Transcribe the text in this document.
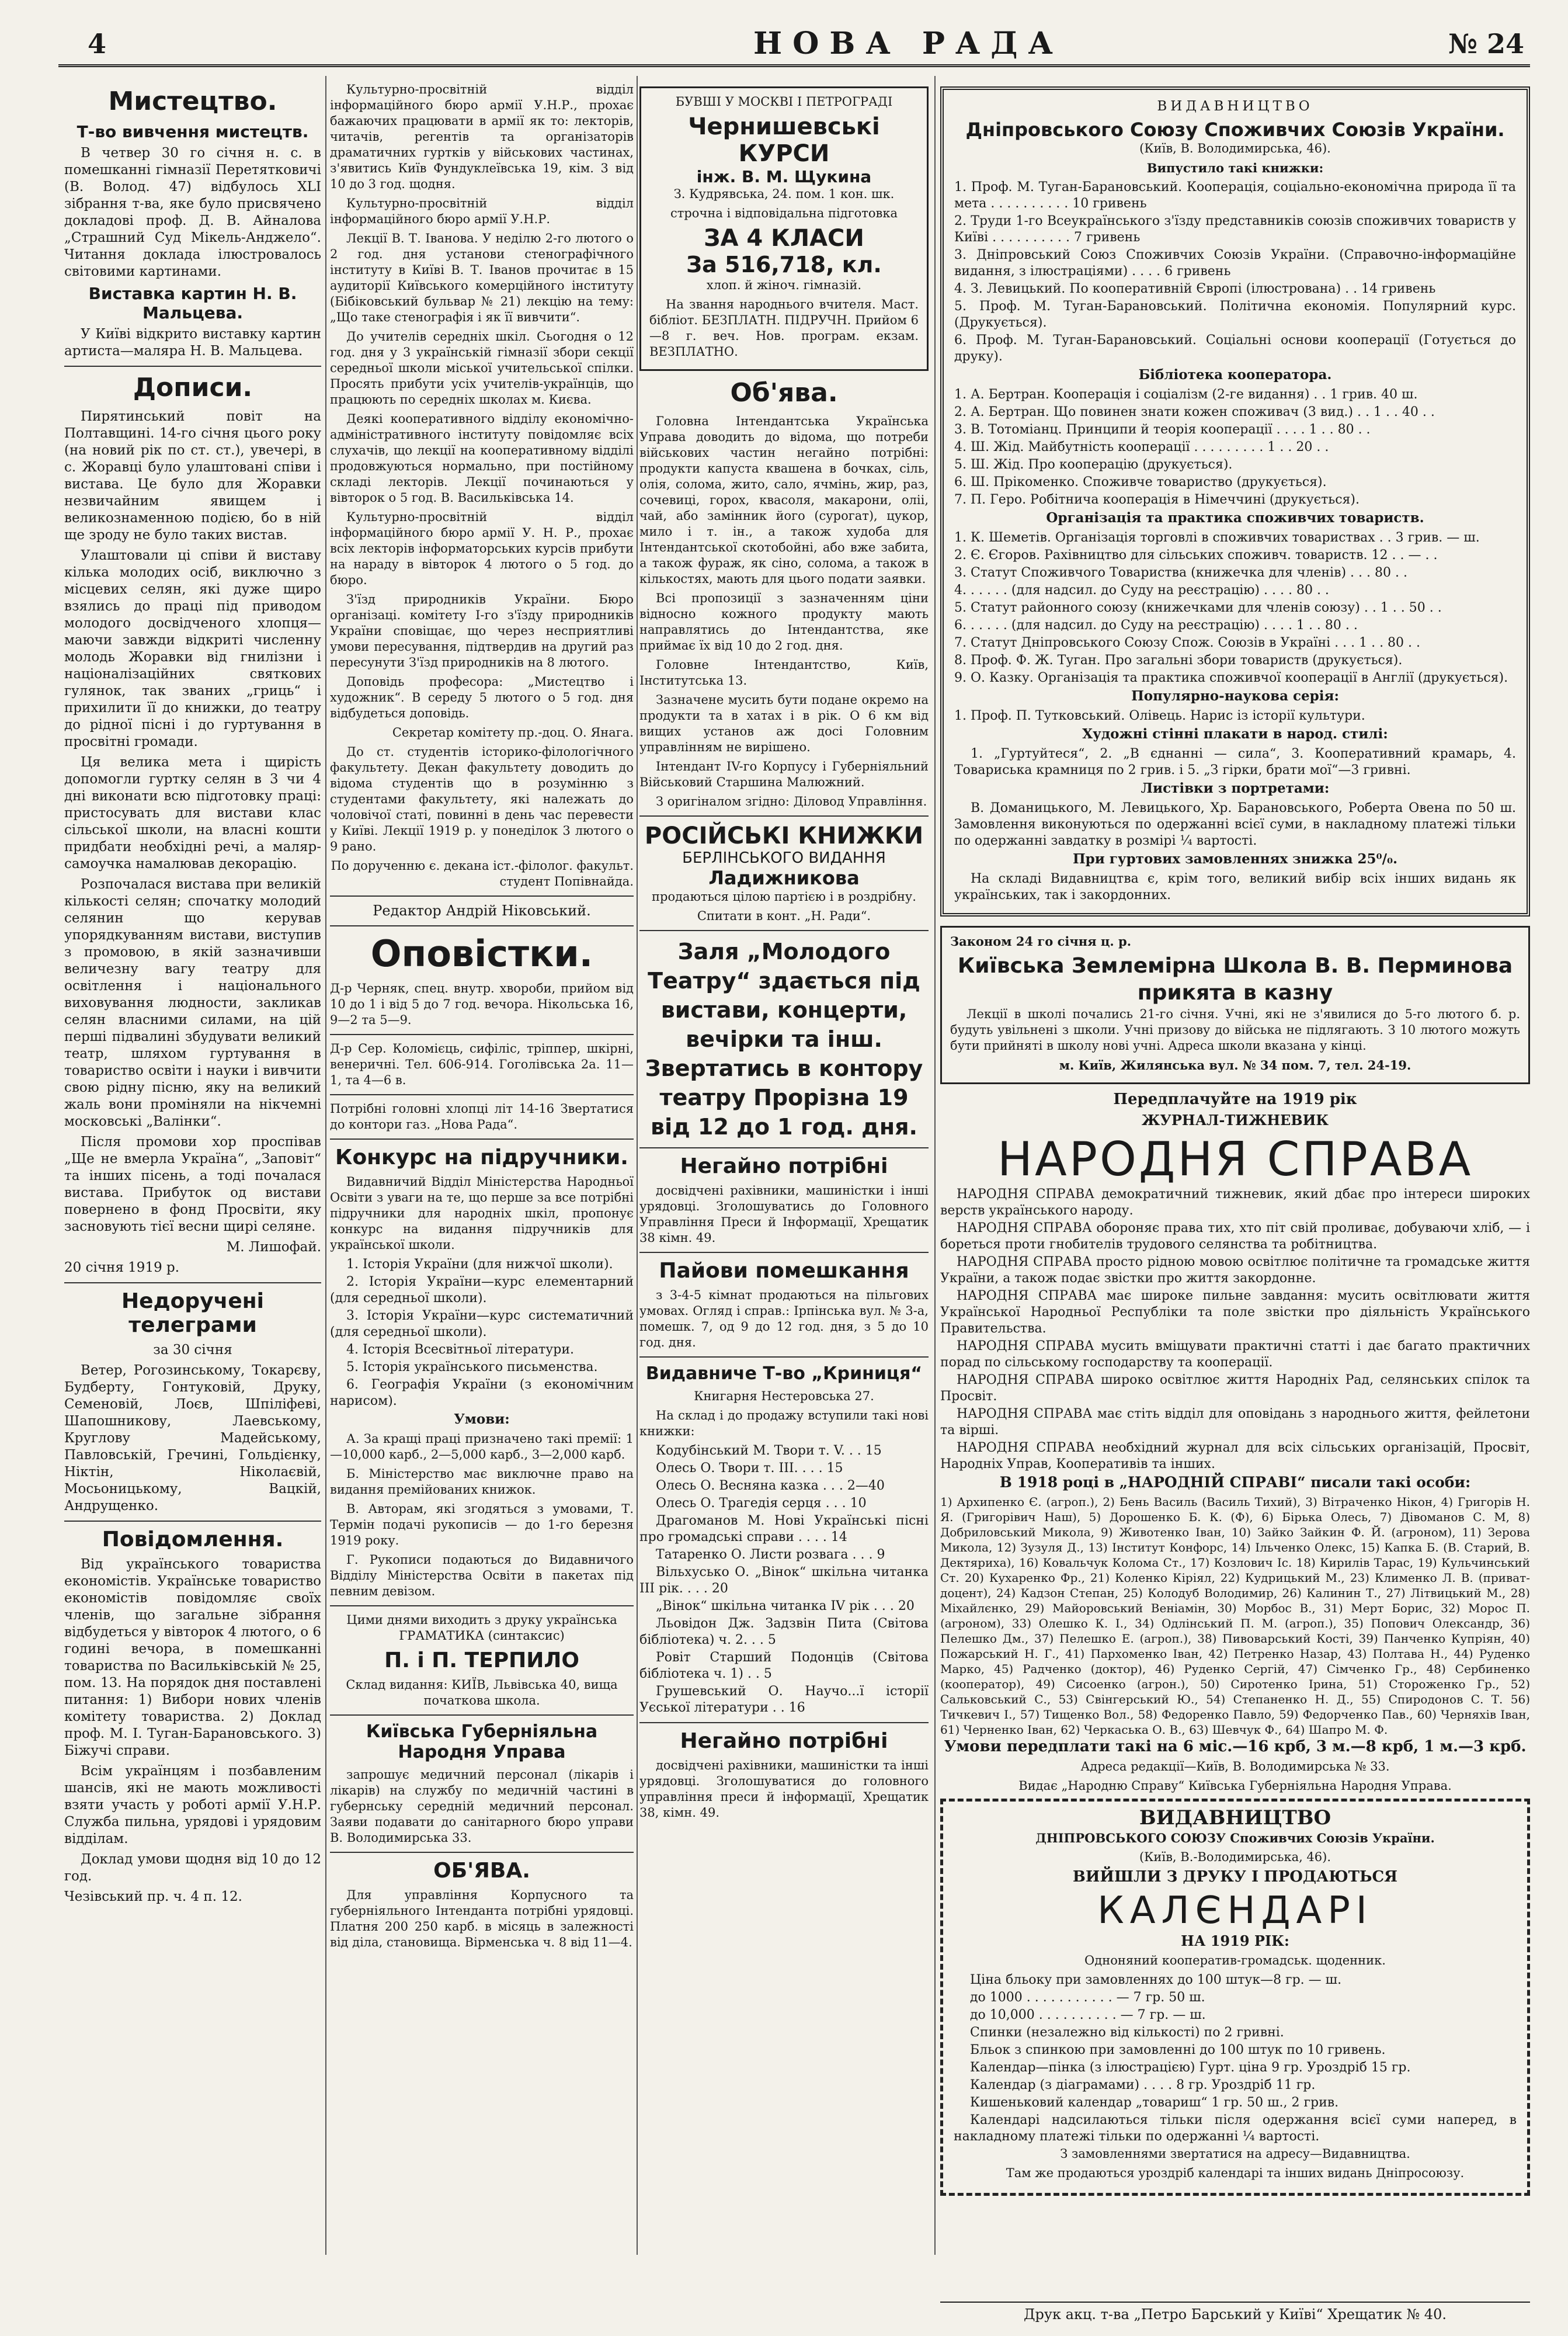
4	НОВА РАДА	№ 24
Мистецтво.
Т-во вивчення мистецтв.

В четвер 30 го січня н. с. в помешканні гімназії Перетятковичі (В. Волод. 47) відбулось ХLІ зібрання т-ва, яке було присвячено докладові проф. Д. В. Айналова „Страшний Суд Мікель-Анджело“. Читання доклада ілюстровалось світовими картинами.

Виставка картин Н. В. Мальцева.

У Київі відкрито виставку картин артиста—маляра Н. В. Мальцева.

Дописи.

Пирятинський повіт на Полтавщині. 14-го січня цього року (на новий рік по ст. ст.), увечері, в с. Жоравці було улаштовані співи і вистава. Це було для Жоравки незвичайним явищем і великознаменною подією, бо в ній ще зроду не було таких вистав.

Улаштовали ці співи й виставу кілька молодих осіб, виключно з місцевих селян, які дуже щиро взялись до праці під приводом молодого досвідченого хлопця—маючи завжди відкриті численну молодь Жоравки від гнилізни і націоналізаційних святкових гулянок, так званих „гриць“ і прихилити її до книжки, до театру до рідної пісні і до гуртування в просвітні громади.

Ця велика мета і щирість допомогли гуртку селян в 3 чи 4 дні виконати всю підготовку праці: пристосувать для вистави клас сільської школи, на власні кошти придбати необхідні речі, а маляр-самоучка намалював декорацію.

Розпочалася вистава при великій кількості селян; спочатку молодий селянин що керував упорядкуванням вистави, виступив з промовою, в якій зазначивши величезну вагу театру для освітлення і національного виховування людности, закликав селян власними силами, на цій перші підвалині збудувати великий театр, шляхом гуртування в товариство освіти і науки і вивчити свою рідну пісню, яку на великий жаль вони проміняли на нікчемні московські „Валінки“.

Після промови хор проспівав „Ще не вмерла Україна“, „Заповіт“ та інших пісень, а тоді почалася вистава. Прибуток од вистави повернено в фонд Просвіти, яку засновують тієї весни щирі селяне.

М. Лишофай.

20 січня 1919 р.

Недоручені телеграми

за 30 січня

Ветер, Рогозинському, Токарєву, Будберту, Гонтуковій, Друку, Семеновій, Лоєв, Шпіліфеві, Шапошникову, Лаевському, Круглову Мадейському, Павловській, Гречині, Гольдієнку, Ніктін, Ніколаєвій, Мосьоницькому, Вацкій, Андрущенко.

Повідомлення.

Від українського товариства економістів. Українське товариство економістів повідомляє своїх членів, що загальне зібрання відбудеться у вівторок 4 лютого, о 6 годині вечора, в помешканні товариства по Васильківській № 25, пом. 13. На порядок дня поставлені питання: 1) Вибори нових членів комітету товариства. 2) Доклад проф. М. І. Туган-Барановського. 3) Біжучі справи.

Всім українцям і позбавленим шансів, які не мають можливості взяти участь у роботі армії У.Н.Р. Служба пильна, урядові і урядовим відділам.

Доклад умови щодня від 10 до 12 год.

Чезівський пр. ч. 4 п. 12.

Культурно-просвітній відділ інформаційного бюро армії У.Н.Р., прохає бажаючих працювати в армії як то: лекторів, читачів, регентів та організаторів драматичних гуртків у військових частинах, з'явитись Київ Фундуклеївська 19, кім. 3 від 10 до 3 год. щодня.

Культурно-просвітній відділ інформаційного бюро армії У.Н.Р.

Лекції В. Т. Іванова. У неділю 2-го лютого о 2 год. дня установи стенографічного інституту в Київі В. Т. Іванов прочитає в 15 аудиторії Київського комерційного інституту (Бібіковський бульвар № 21) лекцію на тему: „Що таке стенографія і як її вивчити“.

До учителів середніх шкіл. Сьогодня о 12 год. дня у 3 українській гімназії збори секції середньої школи міської учительської спілки. Просять прибути усіх учителів-українців, що працюють по середніх школах м. Києва.

Деякі кооперативного відділу економічно-адміністративного інституту повідомляє всіх слухачів, що лекції на кооперативному відділі продовжуються нормально, при постійному складі лекторів. Лекції починаються у вівторок о 5 год. В. Васильківська 14.

Культурно-просвітній відділ інформаційного бюро армії У. Н. Р., прохає всіх лекторів інформаторських курсів прибути на нараду в вівторок 4 лютого о 5 год. до бюро.

З'їзд природників України. Бюро організаці. комітету I-го з'їзду природників України сповіщає, що через несприятливі умови пересування, підтвердив на другий раз пересунути З'їзд природників на 8 лютого.

Доповідь професора: „Мистецтво і художник“. В середу 5 лютого о 5 год. дня відбудеться доповідь.

Секретар комітету пр.-доц. О. Янага.

До ст. студентів історико-філологічного факультету. Декан факультету доводить до відома студентів що в розумінню з студентами факультету, які належать до чоловічої статі, повинні в день час перевести у Київі. Лекції 1919 р. у понеділок 3 лютого о 9 рано.

По дорученню є. декана іст.-філолог. факульт. студент Попівнайда.

Редактор Андрій Ніковський.

Оповістки.

Д-р Черняк, спец. внутр. хвороби, прийом від 10 до 1 і від 5 до 7 год. вечора. Нікольська 16, 9—2 та 5—9.

Д-р Сер. Коломієць, сифіліс, тріппер, шкірні, венеричні. Тел. 606-914. Гоголівська 2а. 11—1, та 4—6 в.

Потрібні головні хлопці літ 14-16 Звертатися до контори газ. „Нова Рада“.

Конкурс на підручники.

Видавничий Відділ Міністерства Народньої Освіти з уваги на те, що перше за все потрібні підручники для народніх шкіл, пропонує конкурс на видання підручників для української школи.

1. Історія України (для нижчої школи).

2. Історія України—курс елементарний (для середньої школи).

3. Історія України—курс систематичний (для середньої школи).

4. Історія Всесвітньої літератури.

5. Історія українського письменства.

6. Географія України (з економічним нарисом).

Умови:

А. За кращі праці призначено такі премії: 1—10,000 карб., 2—5,000 карб., 3—2,000 карб.

Б. Міністерство має виключне право на видання премійованих книжок.

В. Авторам, які згодяться з умовами, Т. Термін подачі рукописів — до 1-го березня 1919 року.

Г. Рукописи подаються до Видавничого Відділу Міністерства Освіти в пакетах під певним девізом.

Цими днями виходить з друку українська ГРАМАТИКА (синтаксис)

П. і П. ТЕРПИЛО

Склад видання: КИЇВ, Львівська 40, вища початкова школа.

Київська Губерніяльна Народня Управа

запрошує медичний персонал (лікарів і лікарів) на службу по медичній частині в губернську середній медичний персонал. Заяви подавати до санітарного бюро управи В. Володимирська 33.

ОБ'ЯВА.

Для управління Корпусного та губерніяльного Інтенданта потрібні урядовці. Платня 200 250 карб. в місяць в залежності від діла, становища. Вірменська ч. 8 від 11—4.

БУВШІ У МОСКВІ І ПЕТРОГРАДІ

Чернишевські КУРСИ
інж. В. М. Щукина

З. Кудрявська, 24. пом. 1 кон. шк.

строчна і відповідальна підготовка

ЗА 4 КЛАСИ
За 516,718, кл.

хлоп. й жіноч. гімназій.

На звання народнього вчителя. Маст. бібліот. БЕЗПЛАТН. ПІДРУЧН. Прийом 6—8 г. веч. Нов. програм. екзам. ВЕЗПЛАТНО.

Об'ява.

Головна Інтендантська Українська Управа доводить до відома, що потреби військових частин негайно потрібні: продукти капуста квашена в бочках, сіль, олія, солома, жито, сало, ячмінь, жир, раз, сочевиці, горох, квасоля, макарони, оліі, чай, або замінник його (сурогат), цукор, мило і т. ін., а також худоба для Інтендантської скотобойні, або вже забита, а також фураж, як сіно, солома, а також в кількостях, мають для цього подати заявки.

Всі пропозиції з зазначенням ціни відносно кожного продукту мають направлятись до Інтендантства, яке приймає їх від 10 до 2 год. дня.

Головне Інтендантство, Київ, Інститутська 13.

Зазначене мусить бути подане окремо на продукти та в хатах і в рік. О 6 км від вищих установ аж досі Головним управлінням не вирішено.

Інтендант ІV-го Корпусу і Губерніяльний Військовий Старшина Малюжний.

З оригіналом згідно: Діловод Управління.

РОСІЙСЬКІ КНИЖКИ
БЕРЛІНСЬКОГО ВИДАННЯ
Ладижникова

продаються цілою партією і в роздрібну.

Спитати в конт. „Н. Ради“.

Заля „Молодого Театру“ здається під вистави, концерти, вечірки та інш. Звертатись в контору театру Прорізна 19 від 12 до 1 год. дня.
Негайно потрібні

досвідчені рахівники, машиністки і інші урядовці. Зголошуватись до Головного Управління Преси й Інформації, Хрещатик 38 кімн. 49.

Пайови помешкання

з 3-4-5 кімнат продаються на пільгових умовах. Огляд і справ.: Ірпінська вул. № 3-а, помешк. 7, од 9 до 12 год. дня, з 5 до 10 год. дня.

Видавниче Т-во „Криниця“

Книгарня Нестеровська 27.

На склад і до продажу вступили такі нові книжки:

Кодубінський М. Твори т. V. . . 15

Олесь О. Твори т. III. . . . 15

Олесь О. Весняна казка . . . 2—40

Олесь О. Трагедія серця . . . 10

Драгоманов М. Нові Українські пісні про громадські справи . . . . 14

Татаренко О. Листи розвага . . . 9

Вільхусько О. „Вінок“ шкільна читанка III рік. . . . 20

„Вінок“ шкільна читанка IV рік . . . 20

Льовідон Дж. Задзвін Пита (Світова бібліотека) ч. 2. . . 5

Ровіт Старший Подонців (Світова бібліотека ч. 1) . . 5

Грушевський О. Научо...ї історії Уєської літератури . . 16

Негайно потрібні

досвідчені рахівники, машиністки та інші урядовці. Зголошуватися до головного управління преси й інформації, Хрещатик 38, кімн. 49.

ВИДАВНИЦТВО

Дніпровського Союзу Споживчих Союзів України.

(Київ, В. Володимирська, 46).

Випустило такі книжки:

1. Проф. М. Туган-Барановський. Кооперація, соціально-економічна природа її та мета . . . . . . . . . . 10 гривень

2. Труди 1-го Всеукраїнського з'їзду представників союзів споживчих товариств у Київі . . . . . . . . . . 7 гривень

3. Дніпровський Союз Споживчих Союзів України. (Справочно-інформаційне видання, з ілюстраціями) . . . . 6 гривень

4. З. Левицький. По кооперативній Європі (ілюстрована) . . 14 гривень

5. Проф. М. Туган-Барановський. Політична економія. Популярний курс. (Друкується).

6. Проф. М. Туган-Барановський. Соціальні основи кооперації (Готується до друку).

Бібліотека кооператора.

1. А. Бертран. Кооперація і соціалізм (2-ге видання) . . 1 грив. 40 ш.

2. А. Бертран. Що повинен знати кожен споживач (3 вид.) . . 1 . . 40 . .

3. В. Тотоміанц. Принципи й теорія кооперації . . . . 1 . . 80 . .

4. Ш. Жід. Майбутність кооперації . . . . . . . . . 1 . . 20 . .

5. Ш. Жід. Про кооперацію (друкується).

6. Ш. Прікоменко. Споживче товариство (друкується).

7. П. Геро. Робітнича кооперація в Німеччині (друкується).

Організація та практика споживчих товариств.

1. К. Шеметів. Організація торговлі в споживчих товариствах . . 3 грив. — ш.

2. Є. Єгоров. Рахівництво для сільських споживч. товариств. 12 . . — . .

3. Статут Споживчого Товариства (книжечка для членів) . . . 80 . .

4. . . . . . (для надсил. до Суду на реєстрацію) . . . . 80 . .

5. Статут районного союзу (книжечками для членів союзу) . . 1 . . 50 . .

6. . . . . . (для надсил. до Суду на реєстрацію) . . . . 1 . . 80 . .

7. Статут Дніпровського Союзу Спож. Союзів в Україні . . . 1 . . 80 . .

8. Проф. Ф. Ж. Туган. Про загальні збори товариств (друкується).

9. О. Казку. Організація та практика споживчої кооперації в Англії (друкується).

Популярно-наукова серія:

1. Проф. П. Тутковський. Олівець. Нарис із історії культури.

Художні стінні плакати в народ. стилі:

1. „Гуртуйтеся“, 2. „В єднанні — сила“, 3. Кооперативний крамарь, 4. Товариська крамниця по 2 грив. і 5. „З гірки, брати мої“—3 гривні.

Листівки з портретами:

В. Доманицького, М. Левицького, Хр. Барановського, Роберта Овена по 50 ш. Замовлення виконуються по одержанні всієї суми, в накладному платежі тільки по одержанні завдатку в розмірі ¼ вартості.

При гуртових замовленнях знижка 25⁰/₀.

На складі Видавництва є, крім того, великий вибір всіх інших видань як українських, так і закордонних.

Законом 24 го січня ц. р.

Київська Землемірна Школа В. В. Перминова прикята в казну

Лекції в школі почались 21-го січня. Учні, які не з'явилися до 5-го лютого б. р. будуть увільнені з школи. Учні призову до війська не підлягають. З 10 лютого можуть бути прийняті в школу нові учні. Адреса школи вказана у кінці.

м. Київ, Жилянська вул. № 34 пом. 7, тел. 24-19.

Передплачуйте на 1919 рік

ЖУРНАЛ-ТИЖНЕВИК

НАРОДНЯ СПРАВА

НАРОДНЯ СПРАВА демократичний тижневик, який дбає про інтереси широких верств українського народу.

НАРОДНЯ СПРАВА обороняє права тих, хто піт свій проливає, добуваючи хліб, — і бореться проти гнобителів трудового селянства та робітництва.

НАРОДНЯ СПРАВА просто рідною мовою освітлює політичне та громадське життя України, а також подає звістки про життя закордонне.

НАРОДНЯ СПРАВА має широке пильне завдання: мусить освітлювати життя Української Народньої Республіки та поле звістки про діяльність Українського Правительства.

НАРОДНЯ СПРАВА мусить вміщувати практичні статті і дає багато практичних порад по сільському господарству та кооперації.

НАРОДНЯ СПРАВА широко освітлює життя Народніх Рад, селянських спілок та Просвіт.

НАРОДНЯ СПРАВА має стіть відділ для оповідань з народнього життя, фейлетони та вірші.

НАРОДНЯ СПРАВА необхідний журнал для всіх сільських організацій, Просвіт, Народніх Управ, Кооперативів та інших.

В 1918 році в „НАРОДНІЙ СПРАВІ“ писали такі особи:

1) Архипенко Є. (агроп.), 2) Бень Василь (Василь Тихий), 3) Вітраченко Нікон, 4) Григорів Н. Я. (Григорівич Наш), 5) Дорошенко Б. К. (Ф), 6) Бірька Олесь, 7) Дівоманов С. М, 8) Добриловський Микола, 9) Животенко Іван, 10) Зайко Зайкин Ф. Й. (агроном), 11) Зерова Микола, 12) Зузуля Д., 13) Інститут Конфорс, 14) Ільченко Олекс, 15) Капка Б. (В. Старий, В. Дектяриха), 16) Ковальчук Колома Ст., 17) Козлович Іс. 18) Кирилів Тарас, 19) Кульчинський Ст. 20) Кухаренко Фр., 21) Коленко Кіріял, 22) Кудрицький М., 23) Клименко Л. В. (приват-доцент), 24) Кадзон Степан, 25) Колодуб Володимир, 26) Калинин Т., 27) Літвицький М., 28) Міхайлєнко, 29) Майоровський Веніамін, 30) Морбос В., 31) Мерт Борис, 32) Морос П. (агроном), 33) Олешко К. І., 34) Одлінський П. М. (агроп.), 35) Попович Олександр, 36) Пелешко Дм., 37) Пелешко Е. (агроп.), 38) Пивоварський Кості, 39) Панченко Купріян, 40) Пожарський Н. Г., 41) Пархоменко Іван, 42) Петренко Назар, 43) Полтава Н., 44) Руденко Марко, 45) Радченко (доктор), 46) Руденко Сергій, 47) Сімченко Гр., 48) Сербиненко (кооператор), 49) Сисоенко (агрон.), 50) Сиротенко Ірина, 51) Стороженко Гр., 52) Сальковський С., 53) Свінгерський Ю., 54) Степаненко Н. Д., 55) Спиродонов С. Т. 56) Тичкевич І., 57) Тищенко Вол., 58) Федоренко Павло, 59) Федорченко Пав., 60) Черняхів Іван, 61) Черненко Іван, 62) Черкаська О. В., 63) Шевчук Ф., 64) Шапро М. Ф.

Умови передплати такі на 6 міс.—16 крб, 3 м.—8 крб, 1 м.—3 крб.

Адреса редакції—Київ, В. Володимирська № 33.

Видає „Народню Справу“ Київська Губерніяльна Народня Управа.

ВИДАВНИЦТВО

ДНІПРОВСЬКОГО СОЮЗУ Споживчих Союзів України.

(Київ, В.-Володимирська, 46).

ВИЙШЛИ З ДРУКУ І ПРОДАЮТЬСЯ

КАЛЄНДАРІ

НА 1919 РІК:

Одноняний кооператив-громадськ. щоденник.

Ціна бльоку при замовленнях до 100 штук—8 гр. — ш.

до 1000 . . . . . . . . . . . — 7 гр. 50 ш.

до 10,000 . . . . . . . . . . — 7 гр. — ш.

Спинки (незалежно від кількості) по 2 гривні.

Бльок з спинкою при замовленні до 100 штук по 10 гривень.

Календар—пінка (з ілюстрацією) Гурт. ціна 9 гр. Уроздріб 15 гр.

Календар (з діаграмами) . . . . 8 гр. Уроздріб 11 гр.

Кишеньковий календар „товариш“ 1 гр. 50 ш., 2 грив.

Календарі надсилаються тільки після одержання всієї суми наперед, в накладному платежі тільки по одержанні ¼ вартості.

З замовленнями звертатися на адресу—Видавництва.

Там же продаються уроздріб календарі та інших видань Дніпросоюзу.

Друк акц. т-ва „Петро Барський у Київі“ Хрещатик № 40.
